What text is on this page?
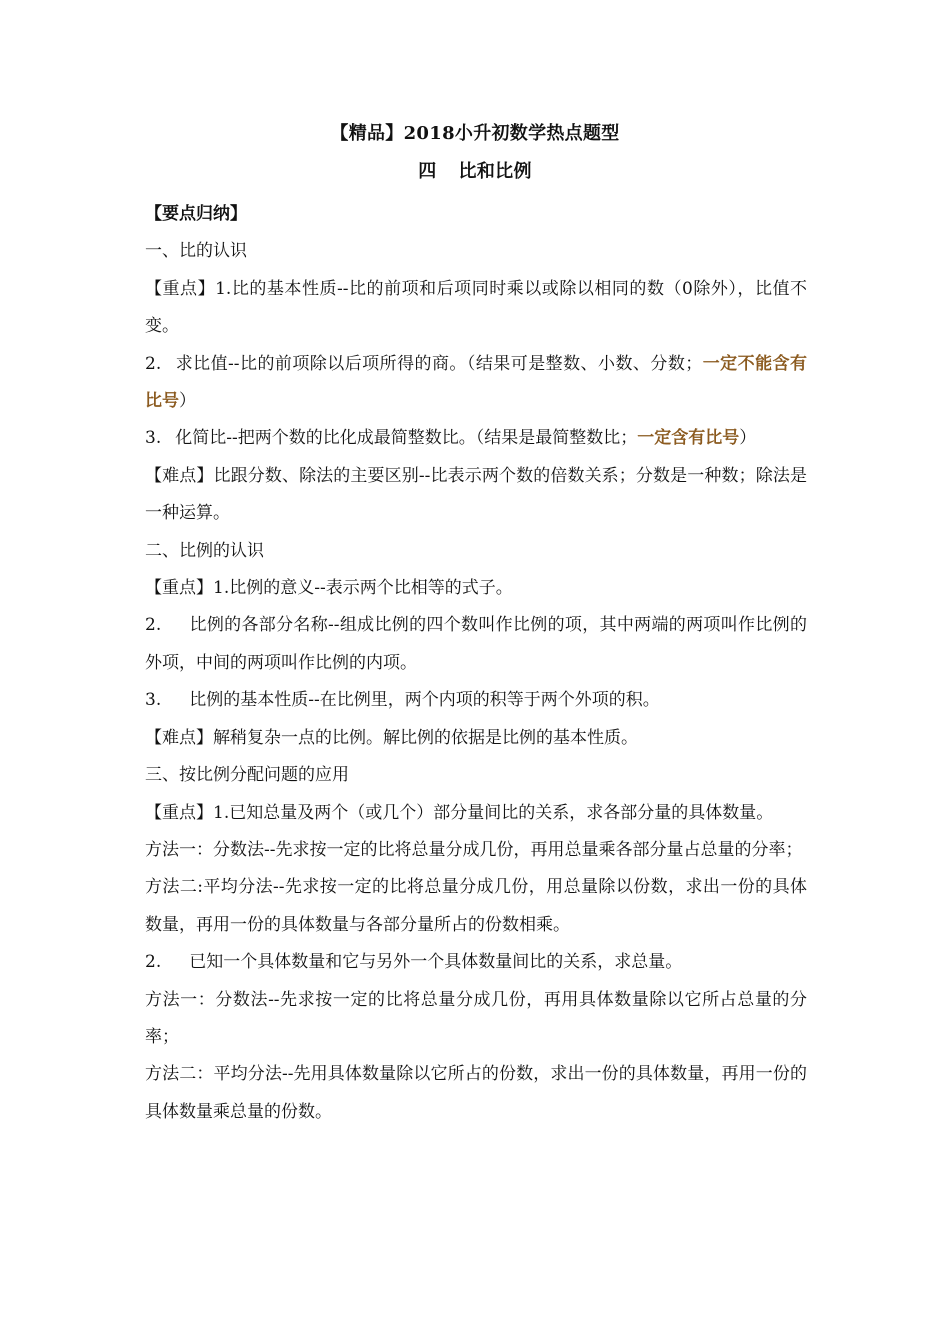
【精品】2018小升初数学热点题型
四 比和比例

【要点归纳】

一、比的认识

【重点】1.比的基本性质--比的前项和后项同时乘以或除以相同的数（0除外），比值不变。

2. 求比值--比的前项除以后项所得的商。（结果可是整数、小数、分数；一定不能含有比号）

3. 化简比--把两个数的比化成最简整数比。（结果是最简整数比；一定含有比号）

【难点】比跟分数、除法的主要区别--比表示两个数的倍数关系；分数是一种数；除法是一种运算。

二、比例的认识

【重点】1.比例的意义--表示两个比相等的式子。

2. 比例的各部分名称--组成比例的四个数叫作比例的项，其中两端的两项叫作比例的外项，中间的两项叫作比例的内项。

3. 比例的基本性质--在比例里，两个内项的积等于两个外项的积。

【难点】解稍复杂一点的比例。解比例的依据是比例的基本性质。

三、按比例分配问题的应用

【重点】1.已知总量及两个（或几个）部分量间比的关系，求各部分量的具体数量。

方法一：分数法--先求按一定的比将总量分成几份，再用总量乘各部分量占总量的分率；

方法二:平均分法--先求按一定的比将总量分成几份，用总量除以份数，求出一份的具体数量，再用一份的具体数量与各部分量所占的份数相乘。

2. 已知一个具体数量和它与另外一个具体数量间比的关系，求总量。

方法一：分数法--先求按一定的比将总量分成几份，再用具体数量除以它所占总量的分率；

方法二：平均分法--先用具体数量除以它所占的份数，求出一份的具体数量，再用一份的具体数量乘总量的份数。
